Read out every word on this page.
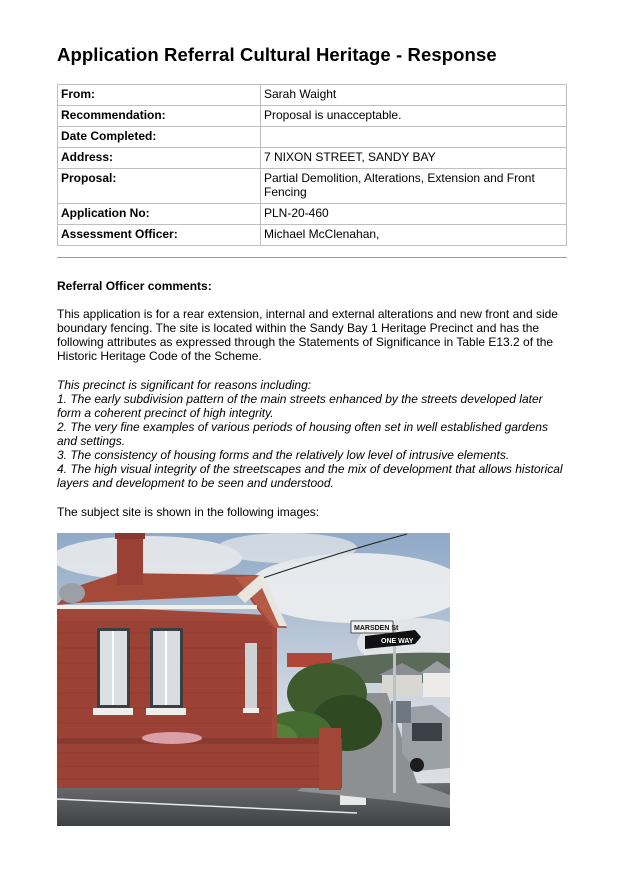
Application Referral Cultural Heritage - Response
From:	Sarah Waight
Recommendation:	Proposal is unacceptable.
Date Completed:	
Address:	7 NIXON STREET, SANDY BAY
Proposal:	Partial Demolition, Alterations, Extension and Front Fencing
Application No:	PLN-20-460
Assessment Officer:	Michael McClenahan,
Referral Officer comments:
This application is for a rear extension, internal and external alterations and new front and side boundary fencing. The site is located within the Sandy Bay 1 Heritage Precinct and has the following attributes as expressed through the Statements of Significance in Table E13.2 of the Historic Heritage Code of the Scheme.
This precinct is significant for reasons including:
1. The early subdivision pattern of the main streets enhanced by the streets developed later form a coherent precinct of high integrity.
2. The very fine examples of various periods of housing often set in well established gardens and settings.
3. The consistency of housing forms and the relatively low level of intrusive elements.
4. The high visual integrity of the streetscapes and the mix of development that allows historical layers and development to be seen and understood.
The subject site is shown in the following images:
MARSDEN St
ONE WAY
